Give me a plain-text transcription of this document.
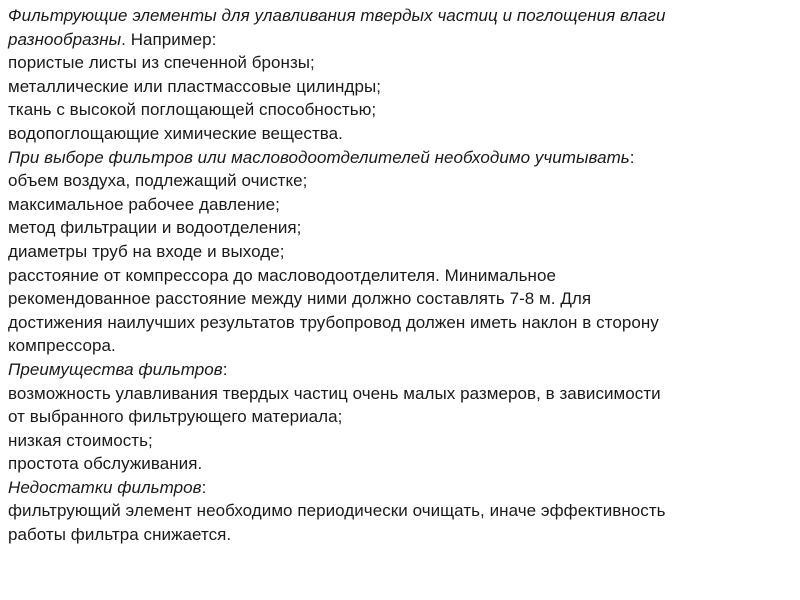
Фильтрующие элементы для улавливания твердых частиц и поглощения влаги
разнообразны. Например:
пористые листы из спеченной бронзы;
металлические или пластмассовые цилиндры;
ткань с высокой поглощающей способностью;
водопоглощающие химические вещества.
При выборе фильтров или масловодоотделителей необходимо учитывать:
объем воздуха, подлежащий очистке;
максимальное рабочее давление;
метод фильтрации и водоотделения;
диаметры труб на входе и выходе;
расстояние от компрессора до масловодоотделителя. Минимальное
рекомендованное расстояние между ними должно составлять 7-8 м. Для
достижения наилучших результатов трубопровод должен иметь наклон в сторону
компрессора.
Преимущества фильтров:
возможность улавливания твердых частиц очень малых размеров, в зависимости
от выбранного фильтрующего материала;
низкая стоимость;
простота обслуживания.
Недостатки фильтров:
фильтрующий элемент необходимо периодически очищать, иначе эффективность
работы фильтра снижается.
